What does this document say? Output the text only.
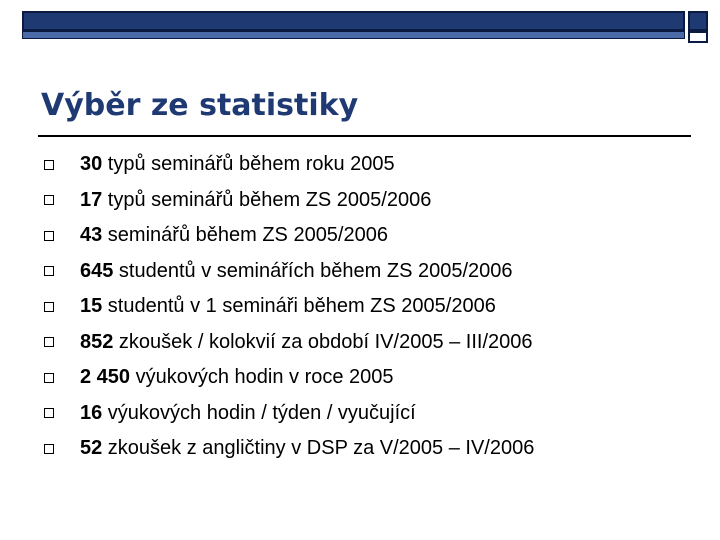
Výběr ze statistiky
30 typů seminářů během roku 2005
17 typů seminářů během ZS 2005/2006
43 seminářů během ZS 2005/2006
645 studentů v seminářích během ZS 2005/2006
15 studentů v 1 semináři během ZS 2005/2006
852 zkoušek / kolokvií za období IV/2005 – III/2006
2 450 výukových hodin v roce 2005
16 výukových hodin / týden / vyučující
52 zkoušek z angličtiny v DSP za V/2005 – IV/2006
